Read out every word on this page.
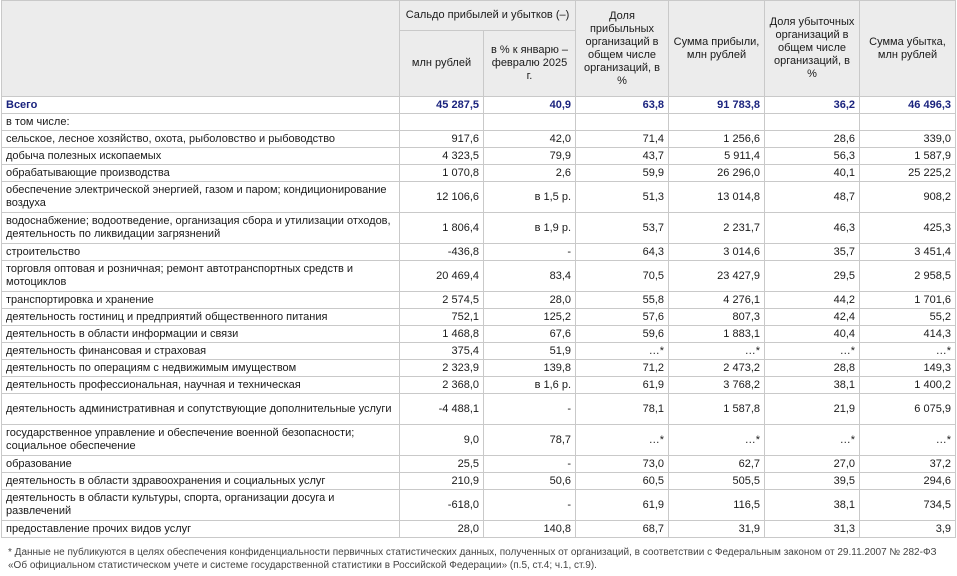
	Сальдо прибылей и убытков (–)		Доля прибыльных организаций в общем числе организаций, в %	Сумма прибыли, млн рублей	Доля убыточных организаций в общем числе организаций, в %	Сумма убытка, млн рублей
	млн рублей	в % к январю – февралю 2025 г.				
Всего	45 287,5	40,9	63,8	91 783,8	36,2	46 496,3
в том числе:						
сельское, лесное хозяйство, охота, рыболовство и рыбоводство	917,6	42,0	71,4	1 256,6	28,6	339,0
добыча полезных ископаемых	4 323,5	79,9	43,7	5 911,4	56,3	1 587,9
обрабатывающие производства	1 070,8	2,6	59,9	26 296,0	40,1	25 225,2
обеспечение электрической энергией, газом и паром; кондиционирование воздуха	12 106,6	в 1,5 р.	51,3	13 014,8	48,7	908,2
водоснабжение; водоотведение, организация сбора и утилизации отходов, деятельность по ликвидации загрязнений	1 806,4	в 1,9 р.	53,7	2 231,7	46,3	425,3
строительство	-436,8	-	64,3	3 014,6	35,7	3 451,4
торговля оптовая и розничная; ремонт автотранспортных средств и мотоциклов	20 469,4	83,4	70,5	23 427,9	29,5	2 958,5
транспортировка и хранение	2 574,5	28,0	55,8	4 276,1	44,2	1 701,6
деятельность гостиниц и предприятий общественного питания	752,1	125,2	57,6	807,3	42,4	55,2
деятельность в области информации и связи	1 468,8	67,6	59,6	1 883,1	40,4	414,3
деятельность финансовая и страховая	375,4	51,9	…*	…*	…*	…*
деятельность по операциям с недвижимым имуществом	2 323,9	139,8	71,2	2 473,2	28,8	149,3
деятельность профессиональная, научная и техническая	2 368,0	в 1,6 р.	61,9	3 768,2	38,1	1 400,2
деятельность административная и сопутствующие дополнительные услуги	-4 488,1	-	78,1	1 587,8	21,9	6 075,9
государственное управление и обеспечение военной безопасности; социальное обеспечение	9,0	78,7	…*	…*	…*	…*
образование	25,5	-	73,0	62,7	27,0	37,2
деятельность в области здравоохранения и социальных услуг	210,9	50,6	60,5	505,5	39,5	294,6
деятельность в области культуры, спорта, организации досуга и развлечений	-618,0	-	61,9	116,5	38,1	734,5
предоставление прочих видов услуг	28,0	140,8	68,7	31,9	31,3	3,9
* Данные не публикуются в целях обеспечения конфиденциальности первичных статистических данных, полученных от организаций, в соответствии с Федеральным законом от 29.11.2007 № 282-ФЗ «Об официальном статистическом учете и системе государственной статистики в Российской Федерации» (п.5, ст.4; ч.1, ст.9).
